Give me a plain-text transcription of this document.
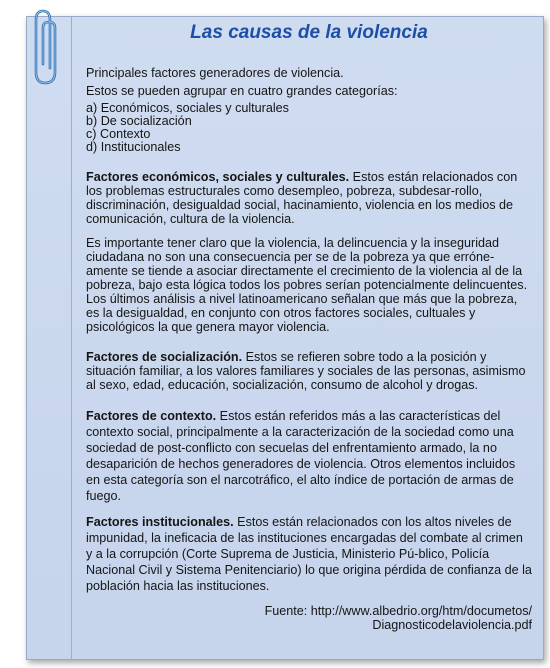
Las causas de la violencia

Principales factores generadores de violencia.

Estos se pueden agrupar en cuatro grandes categorías:

a) Económicos, sociales y culturales
b) De socialización
c) Contexto
d) Institucionales

Factores económicos, sociales y culturales. Estos están relacionados con los problemas estructurales como desempleo, pobreza, subdesar-rollo, discriminación, desigualdad social, hacinamiento, violencia en los medios de comunicación, cultura de la violencia.

Es importante tener claro que la violencia, la delincuencia y la inseguridad ciudadana no son una consecuencia per se de la pobreza ya que erróne-amente se tiende a asociar directamente el crecimiento de la violencia al de la pobreza, bajo esta lógica todos los pobres serían potencialmente delincuentes. Los últimos análisis a nivel latinoamericano señalan que más que la pobreza, es la desigualdad, en conjunto con otros factores sociales, cultuales y psicológicos la que genera mayor violencia.

Factores de socialización. Estos se refieren sobre todo a la posición y situación familiar, a los valores familiares y sociales de las personas, asimismo al sexo, edad, educación, socialización, consumo de alcohol y drogas.

Factores de contexto. Estos están referidos más a las características del contexto social, principalmente a la caracterización de la sociedad como una sociedad de post-conflicto con secuelas del enfrentamiento armado, la no desaparición de hechos generadores de violencia. Otros elementos incluidos en esta categoría son el narcotráfico, el alto índice de portación de armas de fuego.

Factores institucionales. Estos están relacionados con los altos niveles de impunidad, la ineficacia de las instituciones encargadas del combate al crimen y a la corrupción (Corte Suprema de Justicia, Ministerio Pú-blico, Policía Nacional Civil y Sistema Penitenciario) lo que origina pérdida de confianza de la población hacia las instituciones.

Fuente: http://www.albedrio.org/htm/documetos/
Diagnosticodelaviolencia.pdf
